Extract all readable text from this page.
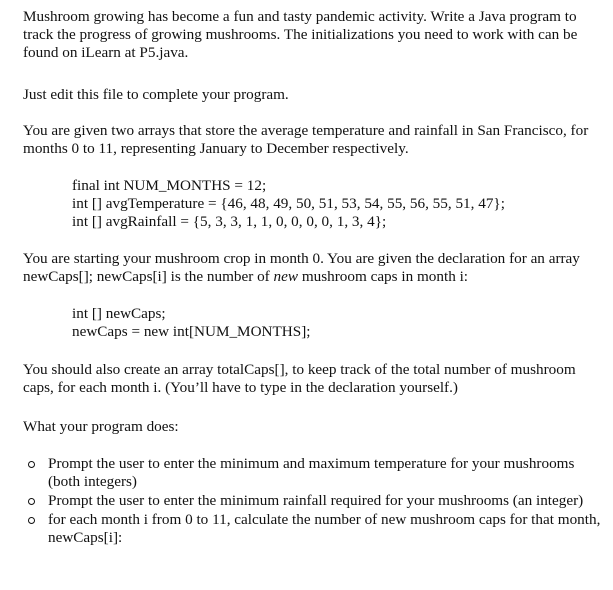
Mushroom growing has become a fun and tasty pandemic activity. Write a Java program to track the progress of growing mushrooms. The initializations you need to work with can be found on iLearn at P5.java.

Just edit this file to complete your program.

You are given two arrays that store the average temperature and rainfall in San Francisco, for months 0 to 11, representing January to December respectively.

final int NUM_MONTHS = 12;
int [] avgTemperature = {46, 48, 49, 50, 51, 53, 54, 55, 56, 55, 51, 47};
int [] avgRainfall = {5, 3, 3, 1, 1, 0, 0, 0, 0, 1, 3, 4};

You are starting your mushroom crop in month 0. You are given the declaration for an array newCaps[]; newCaps[i] is the number of new mushroom caps in month i:

int [] newCaps;
newCaps = new int[NUM_MONTHS];

You should also create an array totalCaps[], to keep track of the total number of mushroom caps, for each month i. (You’ll have to type in the declaration yourself.)

What your program does:

Prompt the user to enter the minimum and maximum temperature for your mushrooms (both integers)
Prompt the user to enter the minimum rainfall required for your mushrooms (an integer)
for each month i from 0 to 11, calculate the number of new mushroom caps for that month, newCaps[i]:
